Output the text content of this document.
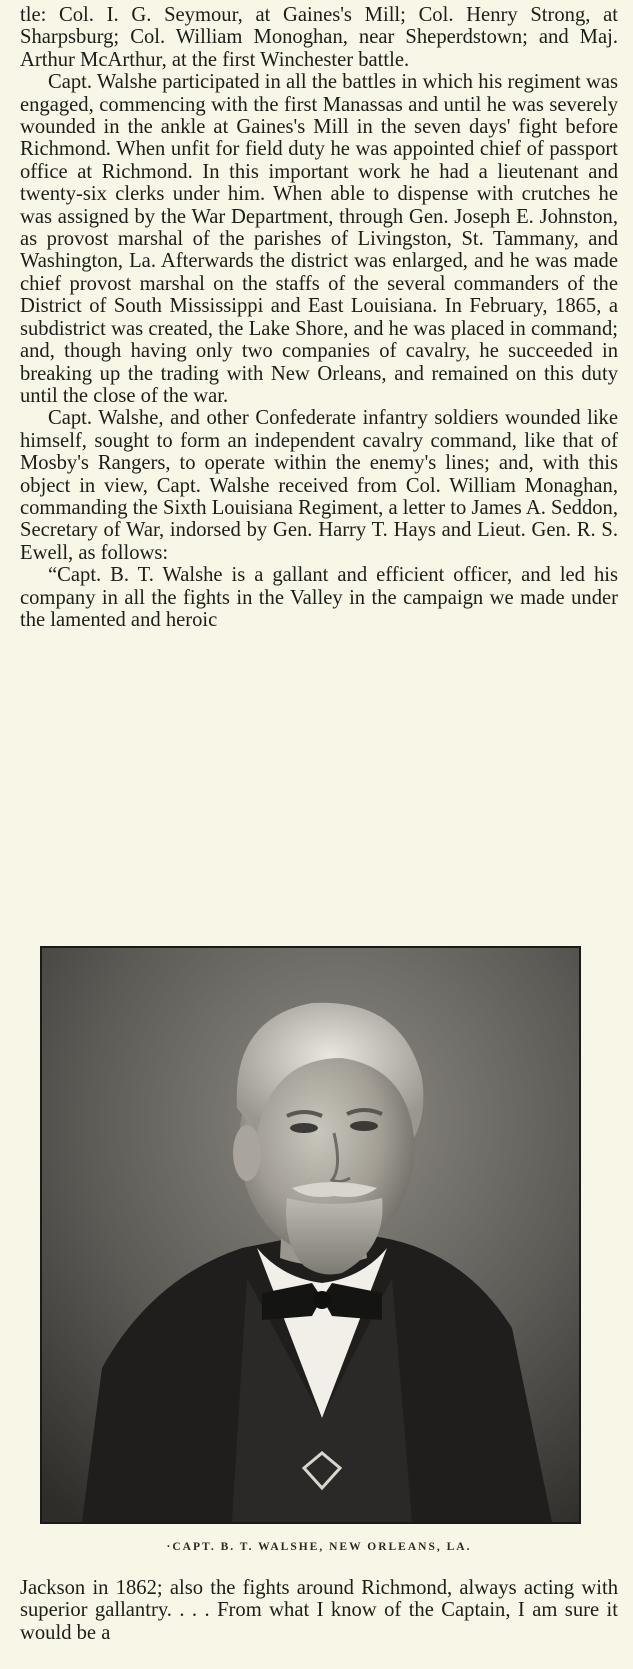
tle: Col. I. G. Seymour, at Gaines's Mill; Col. Henry Strong, at Sharpsburg; Col. William Monoghan, near Sheperdstown; and Maj. Arthur McArthur, at the first Winchester battle.

Capt. Walshe participated in all the battles in which his regiment was engaged, commencing with the first Manassas and until he was severely wounded in the ankle at Gaines's Mill in the seven days' fight before Richmond. When unfit for field duty he was appointed chief of passport office at Richmond. In this important work he had a lieutenant and twenty-six clerks under him. When able to dispense with crutches he was assigned by the War Department, through Gen. Joseph E. Johnston, as provost marshal of the parishes of Livingston, St. Tammany, and Washington, La. Afterwards the district was enlarged, and he was made chief provost marshal on the staffs of the several commanders of the District of South Mississippi and East Louisiana. In February, 1865, a subdistrict was created, the Lake Shore, and he was placed in command; and, though having only two companies of cavalry, he succeeded in breaking up the trading with New Orleans, and remained on this duty until the close of the war.

Capt. Walshe, and other Confederate infantry soldiers wounded like himself, sought to form an independent cavalry command, like that of Mosby's Rangers, to operate within the enemy's lines; and, with this object in view, Capt. Walshe received from Col. William Monaghan, commanding the Sixth Louisiana Regiment, a letter to James A. Seddon, Secretary of War, indorsed by Gen. Harry T. Hays and Lieut. Gen. R. S. Ewell, as follows:

“Capt. B. T. Walshe is a gallant and efficient officer, and led his company in all the fights in the Valley in the campaign we made under the lamented and heroic

·CAPT. B. T. WALSHE, NEW ORLEANS, LA.

Jackson in 1862; also the fights around Richmond, always acting with superior gallantry. . . . From what I know of the Captain, I am sure it would be a
